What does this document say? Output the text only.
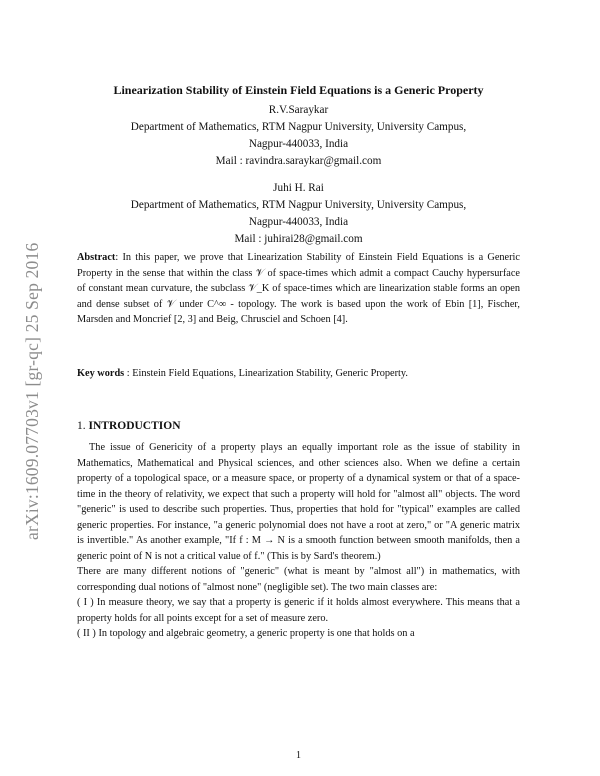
arXiv:1609.07703v1 [gr-qc] 25 Sep 2016
Linearization Stability of Einstein Field Equations is a Generic Property
R.V.Saraykar
Department of Mathematics, RTM Nagpur University, University Campus,
Nagpur-440033, India
Mail : ravindra.saraykar@gmail.com
Juhi H. Rai
Department of Mathematics, RTM Nagpur University, University Campus,
Nagpur-440033, India
Mail : juhirai28@gmail.com
Abstract: In this paper, we prove that Linearization Stability of Einstein Field Equations is a Generic Property in the sense that within the class 𝒱 of space-times which admit a compact Cauchy hypersurface of constant mean curvature, the subclass 𝒱_K of space-times which are linearization stable forms an open and dense subset of 𝒱 under C^∞ - topology. The work is based upon the work of Ebin [1], Fischer, Marsden and Moncrief [2, 3] and Beig, Chrusciel and Schoen [4].
Key words : Einstein Field Equations, Linearization Stability, Generic Property.
1. INTRODUCTION

The issue of Genericity of a property plays an equally important role as the issue of stability in Mathematics, Mathematical and Physical sciences, and other sciences also. When we define a certain property of a topological space, or a measure space, or property of a dynamical system or that of a space-time in the theory of relativity, we expect that such a property will hold for "almost all" objects. The word "generic" is used to describe such properties. Thus, properties that hold for "typical" examples are called generic properties. For instance, "a generic polynomial does not have a root at zero," or "A generic matrix is invertible." As another example, "If f : M → N is a smooth function between smooth manifolds, then a generic point of N is not a critical value of f." (This is by Sard's theorem.)

There are many different notions of "generic" (what is meant by "almost all") in mathematics, with corresponding dual notions of "almost none" (negligible set). The two main classes are:

( I ) In measure theory, we say that a property is generic if it holds almost everywhere. This means that a property holds for all points except for a set of measure zero.

( II ) In topology and algebraic geometry, a generic property is one that holds on a

1
